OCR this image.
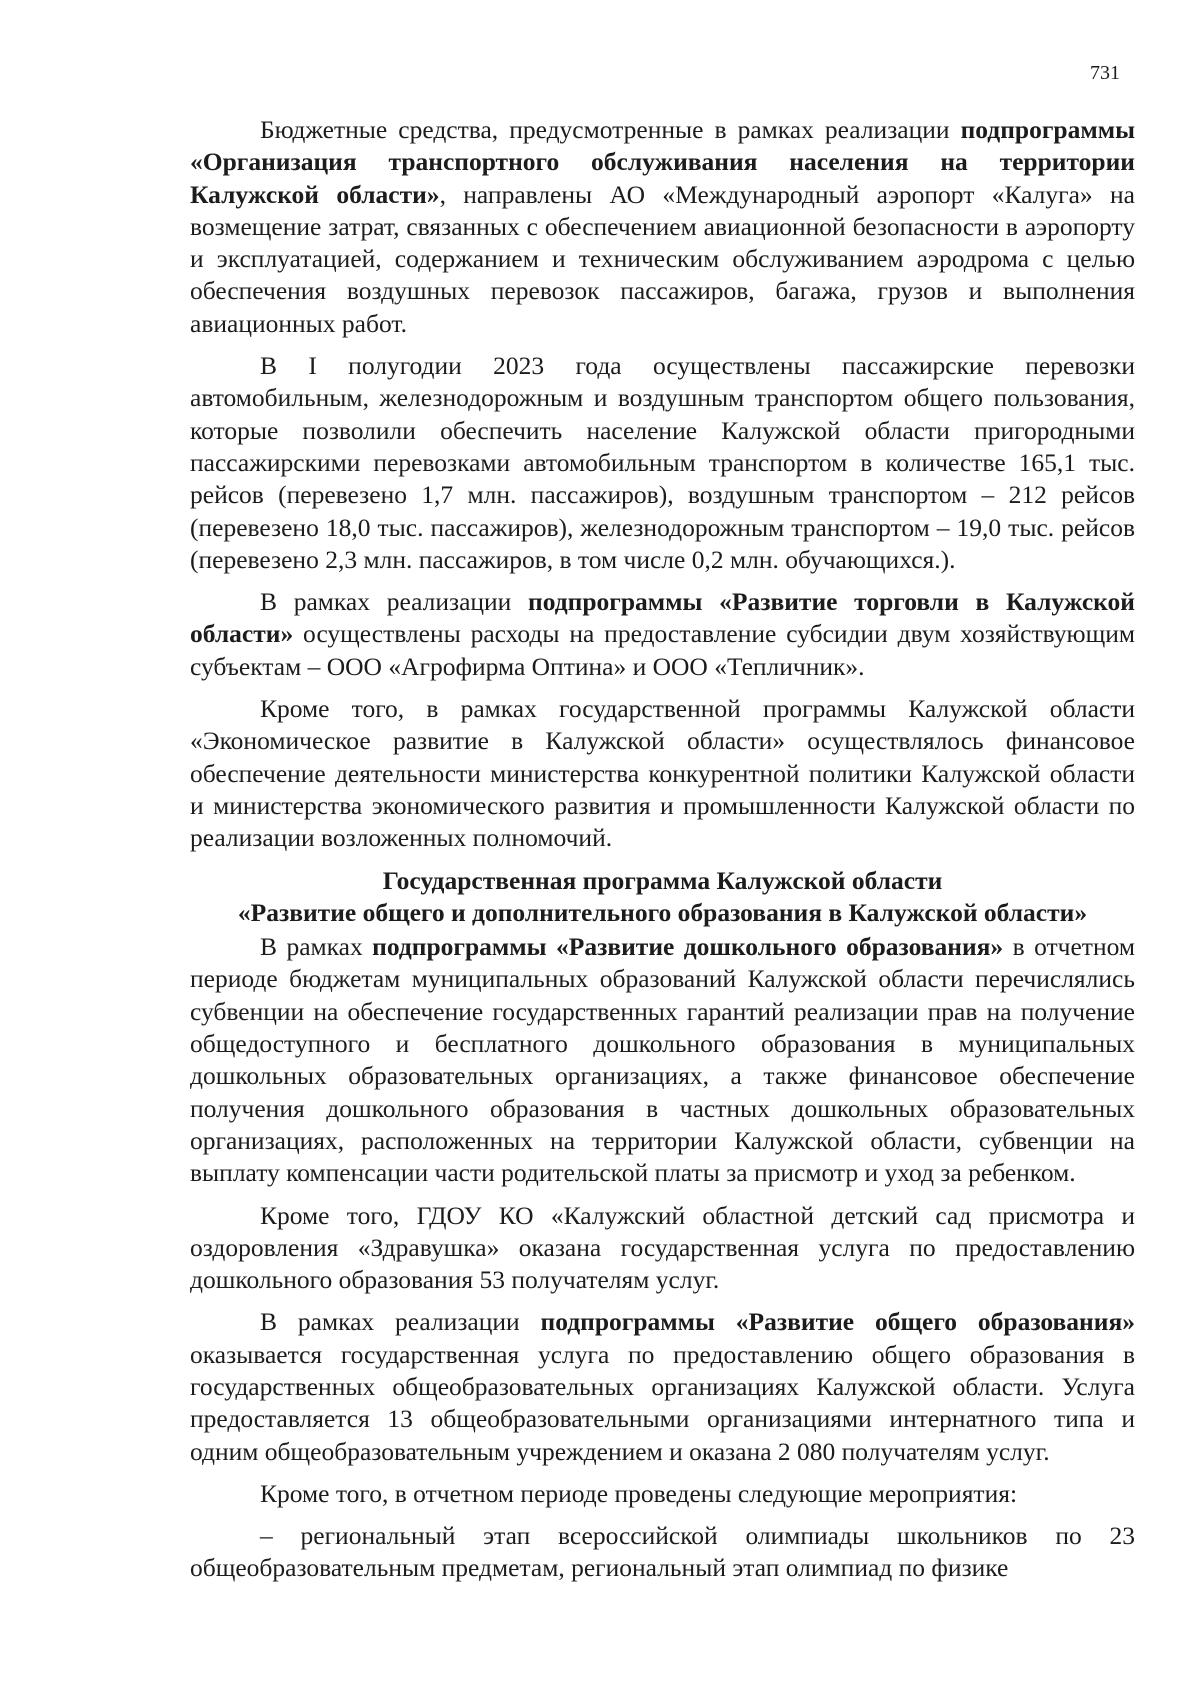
731

Бюджетные средства, предусмотренные в рамках реализации подпрограммы «Организация транспортного обслуживания населения на территории Калужской области», направлены АО «Международный аэропорт «Калуга» на возмещение затрат, связанных с обеспечением авиационной безопасности в аэропорту и эксплуатацией, содержанием и техническим обслуживанием аэродрома с целью обеспечения воздушных перевозок пассажиров, багажа, грузов и выполнения авиационных работ.

В I полугодии 2023 года осуществлены пассажирские перевозки автомобильным, железнодорожным и воздушным транспортом общего пользования, которые позволили обеспечить население Калужской области пригородными пассажирскими перевозками автомобильным транспортом в количестве 165,1 тыс. рейсов (перевезено 1,7 млн. пассажиров), воздушным транспортом – 212 рейсов (перевезено 18,0 тыс. пассажиров), железнодорожным транспортом – 19,0 тыс. рейсов (перевезено 2,3 млн. пассажиров, в том числе 0,2 млн. обучающихся.).

В рамках реализации подпрограммы «Развитие торговли в Калужской области» осуществлены расходы на предоставление субсидии двум хозяйствующим субъектам – ООО «Агрофирма Оптина» и ООО «Тепличник».

Кроме того, в рамках государственной программы Калужской области «Экономическое развитие в Калужской области» осуществлялось финансовое обеспечение деятельности министерства конкурентной политики Калужской области и министерства экономического развития и промышленности Калужской области по реализации возложенных полномочий.

Государственная программа Калужской области
«Развитие общего и дополнительного образования в Калужской области»

В рамках подпрограммы «Развитие дошкольного образования» в отчетном периоде бюджетам муниципальных образований Калужской области перечислялись субвенции на обеспечение государственных гарантий реализации прав на получение общедоступного и бесплатного дошкольного образования в муниципальных дошкольных образовательных организациях, а также финансовое обеспечение получения дошкольного образования в частных дошкольных образовательных организациях, расположенных на территории Калужской области, субвенции на выплату компенсации части родительской платы за присмотр и уход за ребенком.

Кроме того, ГДОУ КО «Калужский областной детский сад присмотра и оздоровления «Здравушка» оказана государственная услуга по предоставлению дошкольного образования 53 получателям услуг.

В рамках реализации подпрограммы «Развитие общего образования» оказывается государственная услуга по предоставлению общего образования в государственных общеобразовательных организациях Калужской области. Услуга предоставляется 13 общеобразовательными организациями интернатного типа и одним общеобразовательным учреждением и оказана 2 080 получателям услуг.

Кроме того, в отчетном периоде проведены следующие мероприятия:

– региональный этап всероссийской олимпиады школьников по 23 общеобразовательным предметам, региональный этап олимпиад по физике
